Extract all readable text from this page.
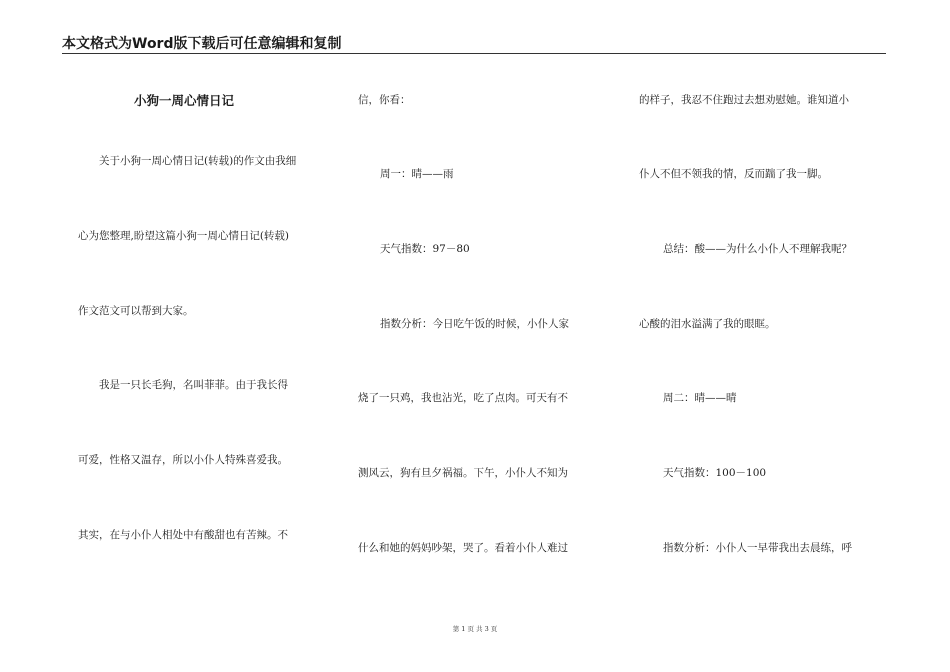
本文格式为Word版下载后可任意编辑和复制
小狗一周心情日记
关于小狗一周心情日记(转载)的作文由我细
心为您整理,盼望这篇小狗一周心情日记(转载)
作文范文可以帮到大家。
我是一只长毛狗，名叫菲菲。由于我长得
可爱，性格又温存，所以小仆人特殊喜爱我。
其实，在与小仆人相处中有酸甜也有苦辣。不
信，你看：
周一：晴——雨
天气指数：97－80
指数分析：今日吃午饭的时候，小仆人家
烧了一只鸡，我也沾光，吃了点肉。可天有不
测风云，狗有旦夕祸福。下午，小仆人不知为
什么和她的妈妈吵架，哭了。看着小仆人难过
的样子，我忍不住跑过去想劝慰她。谁知道小
仆人不但不领我的情，反而踹了我一脚。
总结：酸——为什么小仆人不理解我呢？
心酸的泪水溢满了我的眼眶。
周二：晴——晴
天气指数：100－100
指数分析：小仆人一早带我出去晨练，呼
第 1 页 共 3 页
